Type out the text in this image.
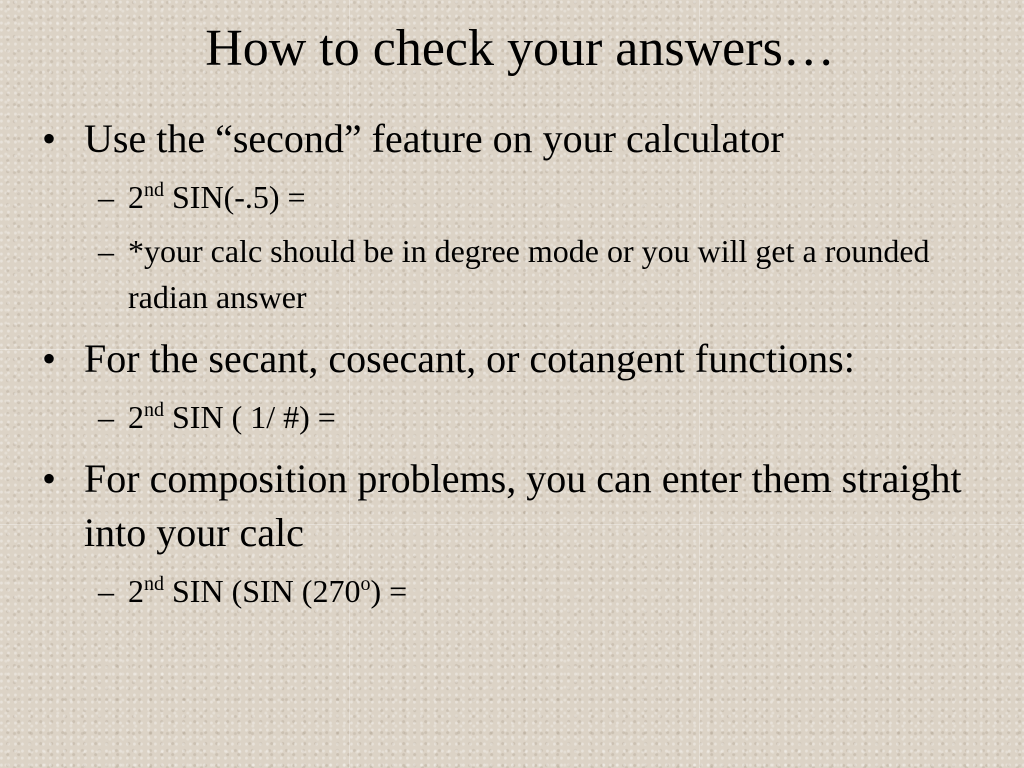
How to check your answers…
• Use the “second” feature on your calculator
– 2nd SIN(-.5) =
– *your calc should be in degree mode or you will get a rounded radian answer
• For the secant, cosecant, or cotangent functions:
– 2nd SIN ( 1/ #) =
• For composition problems, you can enter them straight into your calc
– 2nd SIN (SIN $(270^o)$ =
